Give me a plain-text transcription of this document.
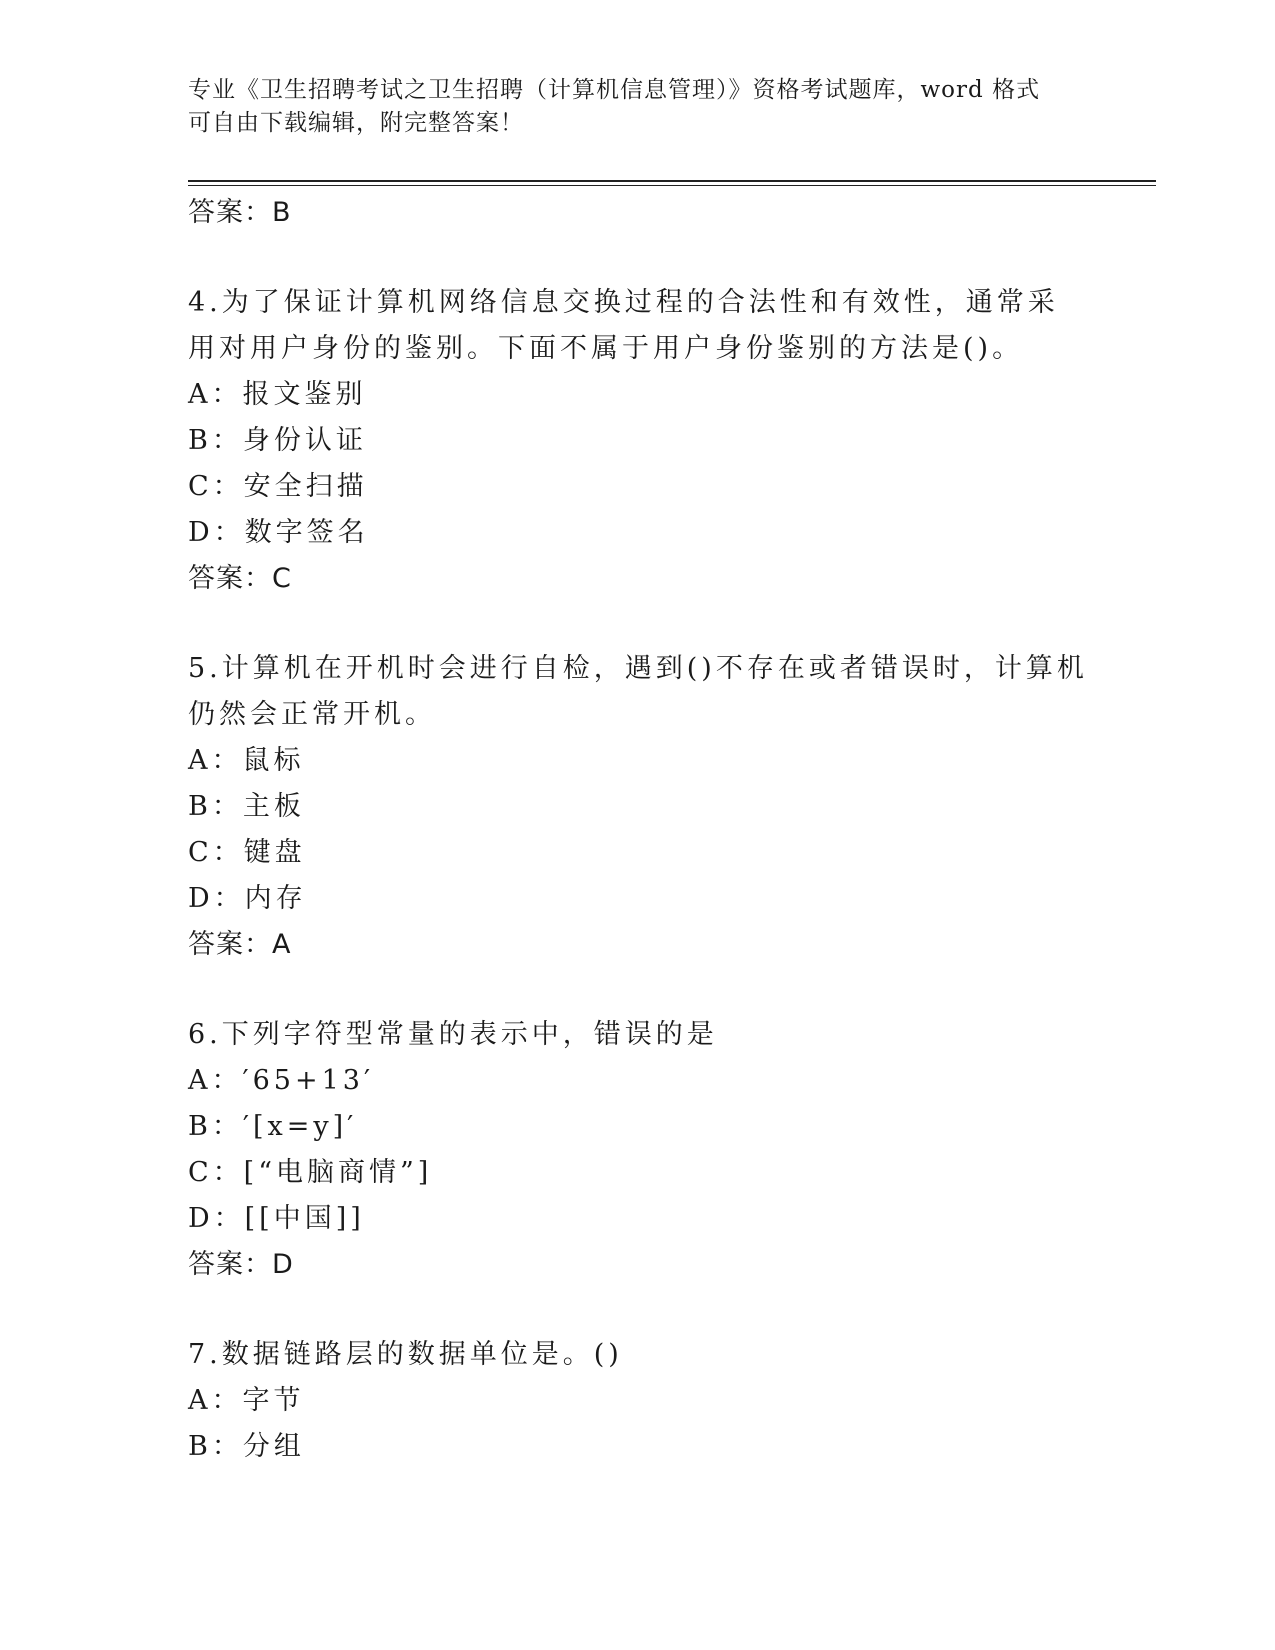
专业《卫生招聘考试之卫生招聘（计算机信息管理）》资格考试题库，word 格式
可自由下载编辑，附完整答案！

答案：B

4.为了保证计算机网络信息交换过程的合法性和有效性，通常采用对用户身份的鉴别。下面不属于用户身份鉴别的方法是()。

A：报文鉴别

B：身份认证

C：安全扫描

D：数字签名

答案：C

5.计算机在开机时会进行自检，遇到()不存在或者错误时，计算机仍然会正常开机。

A：鼠标

B：主板

C：键盘

D：内存

答案：A

6.下列字符型常量的表示中，错误的是

A：′65+13′

B：′[x=y]′

C：[“电脑商情”]

D：[[中国]]

答案：D

7.数据链路层的数据单位是。()

A：字节

B：分组
